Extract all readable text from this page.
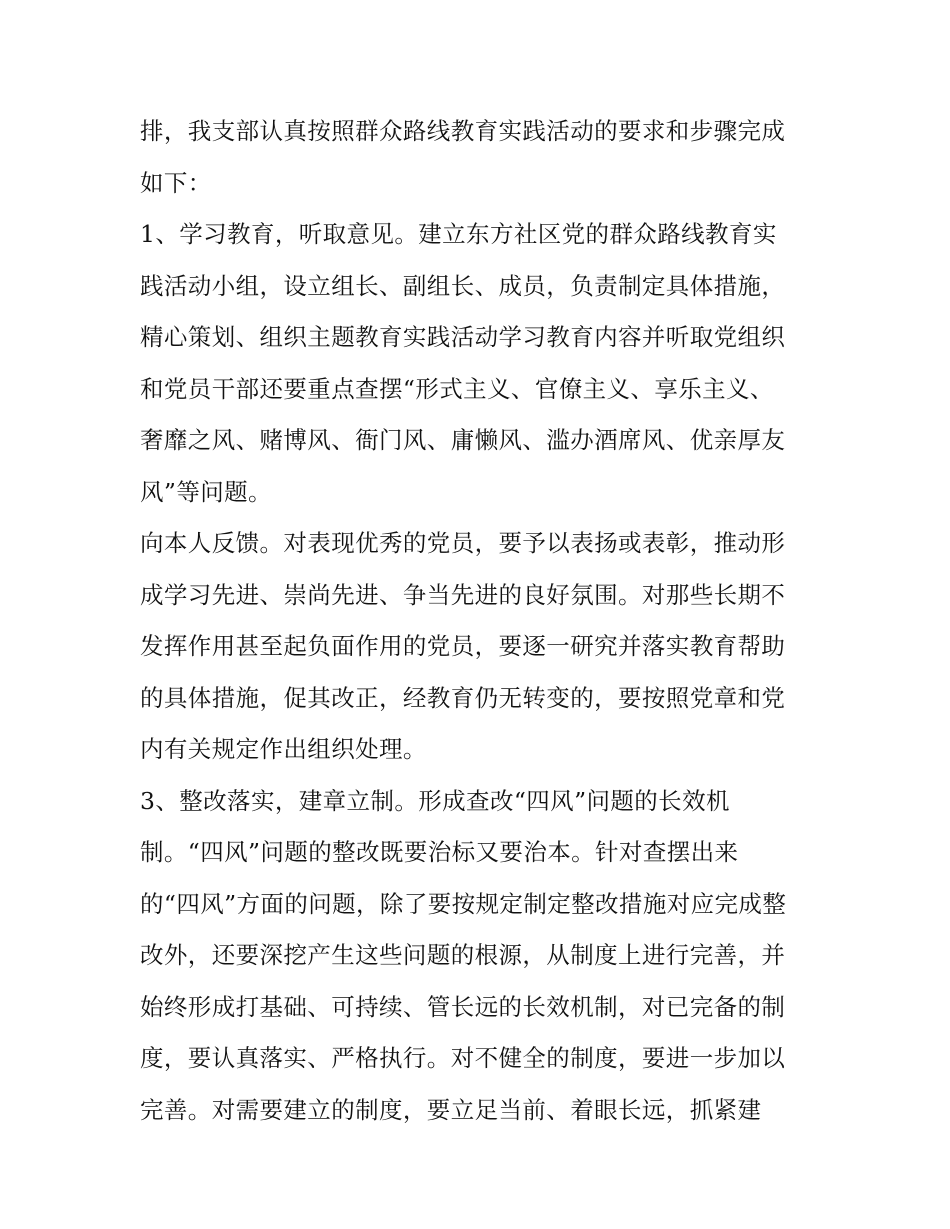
排，我支部认真按照群众路线教育实践活动的要求和步骤完成
如下：
1、学习教育，听取意见。建立东方社区党的群众路线教育实
践活动小组，设立组长、副组长、成员，负责制定具体措施，
精心策划、组织主题教育实践活动学习教育内容并听取党组织
和党员干部还要重点查摆“形式主义、官僚主义、享乐主义、
奢靡之风、赌博风、衙门风、庸懒风、滥办酒席风、优亲厚友
风”等问题。
向本人反馈。对表现优秀的党员，要予以表扬或表彰，推动形
成学习先进、崇尚先进、争当先进的良好氛围。对那些长期不
发挥作用甚至起负面作用的党员，要逐一研究并落实教育帮助
的具体措施，促其改正，经教育仍无转变的，要按照党章和党
内有关规定作出组织处理。
3、整改落实，建章立制。形成查改“四风”问题的长效机
制。“四风”问题的整改既要治标又要治本。针对查摆出来
的“四风”方面的问题，除了要按规定制定整改措施对应完成整
改外，还要深挖产生这些问题的根源，从制度上进行完善，并
始终形成打基础、可持续、管长远的长效机制，对已完备的制
度，要认真落实、严格执行。对不健全的制度，要进一步加以
完善。对需要建立的制度，要立足当前、着眼长远，抓紧建
